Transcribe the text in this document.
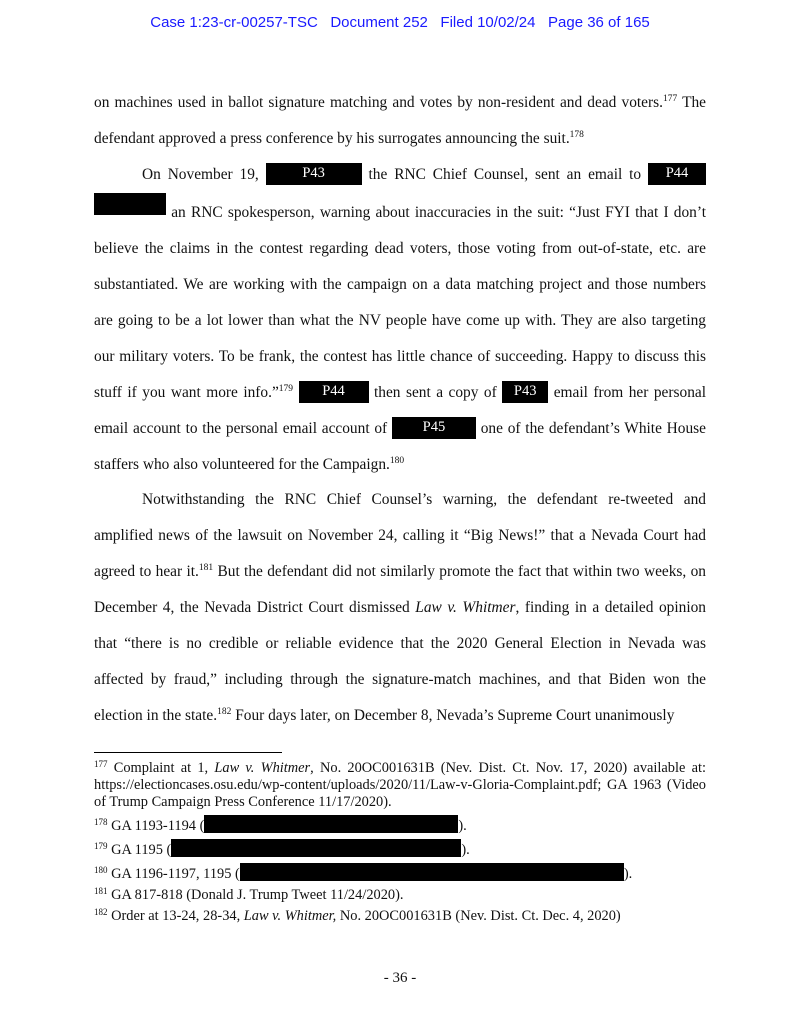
Case 1:23-cr-00257-TSC Document 252 Filed 10/02/24 Page 36 of 165

on machines used in ballot signature matching and votes by non-resident and dead voters.$^{177}$ The defendant approved a press conference by his surrogates announcing the suit.$^{178}$

On November 19,	P43 the RNC Chief Counsel, sent an email to P44  an RNC spokesperson, warning about inaccuracies in the suit: “Just FYI that I don’t believe the claims in the contest regarding dead voters, those voting from out-of-state, etc. are substantiated. We are working with the campaign on a data matching project and those numbers are going to be a lot lower than what the NV people have come up with. They are also targeting our military voters. To be frank, the contest has little chance of succeeding. Happy to discuss this stuff if you want more info.”$^{179}$ P44 then sent a copy of P43 email from her personal email account to the personal email account of P45 one of the defendant’s White House staffers who also volunteered for the Campaign.$^{180}$

Notwithstanding the RNC Chief Counsel’s warning, the defendant re-tweeted and amplified news of the lawsuit on November 24, calling it “Big News!” that a Nevada Court had agreed to hear it.$^{181}$ But the defendant did not similarly promote the fact that within two weeks, on December 4, the Nevada District Court dismissed Law v. Whitmer, finding in a detailed opinion that “there is no credible or reliable evidence that the 2020 General Election in Nevada was affected by fraud,” including through the signature-match machines, and that Biden won the election in the state.$^{182}$ Four days later, on December 8, Nevada’s Supreme Court unanimously

$^{177}$ Complaint at 1, Law v. Whitmer, No. 20OC001631B (Nev. Dist. Ct. Nov. 17, 2020) available at: https://electioncases.osu.edu/wp-content/uploads/2020/11/Law-v-Gloria-Complaint.pdf; GA 1963 (Video of Trump Campaign Press Conference 11/17/2020).

$^{178}$ GA 1193-1194 (	).

$^{179}$ GA 1195 (	).

$^{180}$ GA 1196-1197, 1195 (	).

$^{181}$ GA 817-818 (Donald J. Trump Tweet 11/24/2020).

$^{182}$ Order at 13-24, 28-34, Law v. Whitmer, No. 20OC001631B (Nev. Dist. Ct. Dec. 4, 2020)

- 36 -
